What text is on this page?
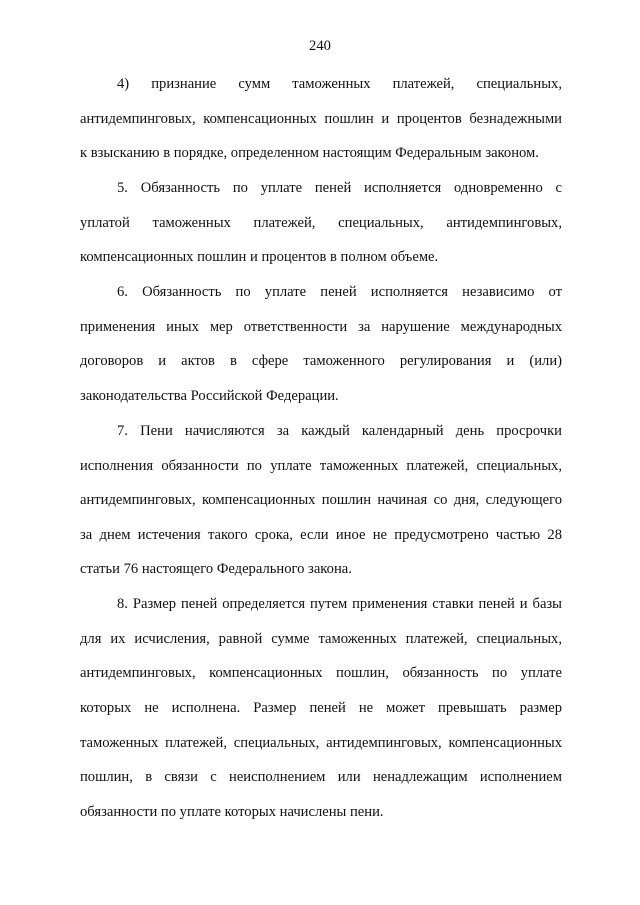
240
4) признание сумм таможенных платежей, специальных,
антидемпинговых, компенсационных пошлин и процентов безнадежными
к взысканию в порядке, определенном настоящим Федеральным законом.
5. Обязанность по уплате пеней исполняется одновременно с
уплатой таможенных платежей, специальных, антидемпинговых,
компенсационных пошлин и процентов в полном объеме.
6. Обязанность по уплате пеней исполняется независимо от
применения иных мер ответственности за нарушение международных
договоров и актов в сфере таможенного регулирования и (или)
законодательства Российской Федерации.
7. Пени начисляются за каждый календарный день просрочки
исполнения обязанности по уплате таможенных платежей, специальных,
антидемпинговых, компенсационных пошлин начиная со дня, следующего
за днем истечения такого срока, если иное не предусмотрено частью 28
статьи 76 настоящего Федерального закона.
8. Размер пеней определяется путем применения ставки пеней и базы
для их исчисления, равной сумме таможенных платежей, специальных,
антидемпинговых, компенсационных пошлин, обязанность по уплате
которых не исполнена. Размер пеней не может превышать размер
таможенных платежей, специальных, антидемпинговых, компенсационных
пошлин, в связи с неисполнением или ненадлежащим исполнением
обязанности по уплате которых начислены пени.
